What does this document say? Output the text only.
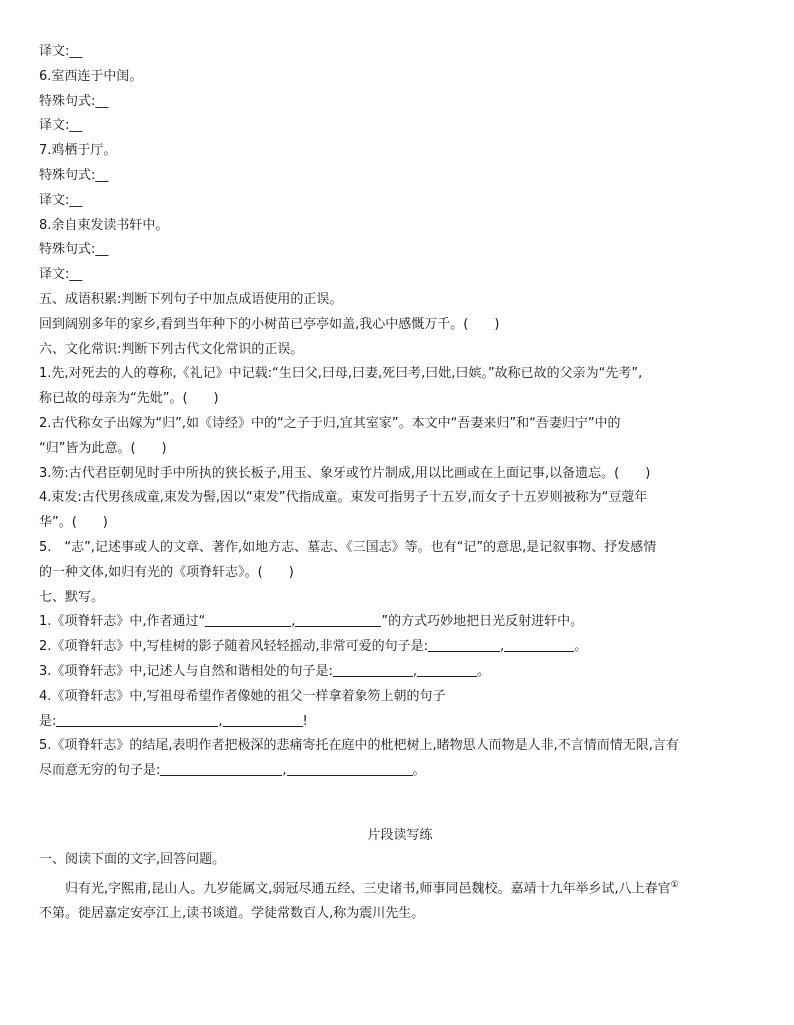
译文:__
6.室西连于中闺。
特殊句式:__
译文:__
7.鸡栖于厅。
特殊句式:__
译文:__
8.余自束发读书轩中。
特殊句式:__
译文:__
五、成语积累:判断下列句子中加点成语使用的正误。
回到阔别多年的家乡,看到当年种下的小树苗已亭亭如盖,我心中感慨万千。(　　)
六、文化常识:判断下列古代文化常识的正误。
1.先,对死去的人的尊称,《礼记》中记载:“生曰父,曰母,曰妻,死曰考,曰妣,曰嫔。”故称已故的父亲为“先考”,
称已故的母亲为“先妣”。(　　)
2.古代称女子出嫁为“归”,如《诗经》中的“之子于归,宜其室家”。本文中“吾妻来归”和“吾妻归宁”中的
“归”皆为此意。(　　)
3.笏:古代君臣朝见时手中所执的狭长板子,用玉、象牙或竹片制成,用以比画或在上面记事,以备遗忘。(　　)
4.束发:古代男孩成童,束发为髻,因以“束发”代指成童。束发可指男子十五岁,而女子十五岁则被称为“豆蔻年
华”。(　　)
5.　“志”,记述事或人的文章、著作,如地方志、墓志、《三国志》等。也有“记”的意思,是记叙事物、抒发感情
的一种文体,如归有光的《项脊轩志》。(　　)
七、默写。
1.《项脊轩志》中,作者通过“	,	”的方式巧妙地把日光反射进轩中。
2.《项脊轩志》中,写桂树的影子随着风轻轻摇动,非常可爱的句子是:	,	。
3.《项脊轩志》中,记述人与自然和谐相处的句子是:	,	。
4.《项脊轩志》中,写祖母希望作者像她的祖父一样拿着象笏上朝的句子
是:	,	!
5.《项脊轩志》的结尾,表明作者把极深的悲痛寄托在庭中的枇杷树上,睹物思人而物是人非,不言情而情无限,言有
尽而意无穷的句子是:	,	。
片段读写练
一、阅读下面的文字,回答问题。
归有光,字熙甫,昆山人。九岁能属文,弱冠尽通五经、三史诸书,师事同邑魏校。嘉靖十九年举乡试,八上春官①
不第。徙居嘉定安亭江上,读书谈道。学徒常数百人,称为震川先生。
